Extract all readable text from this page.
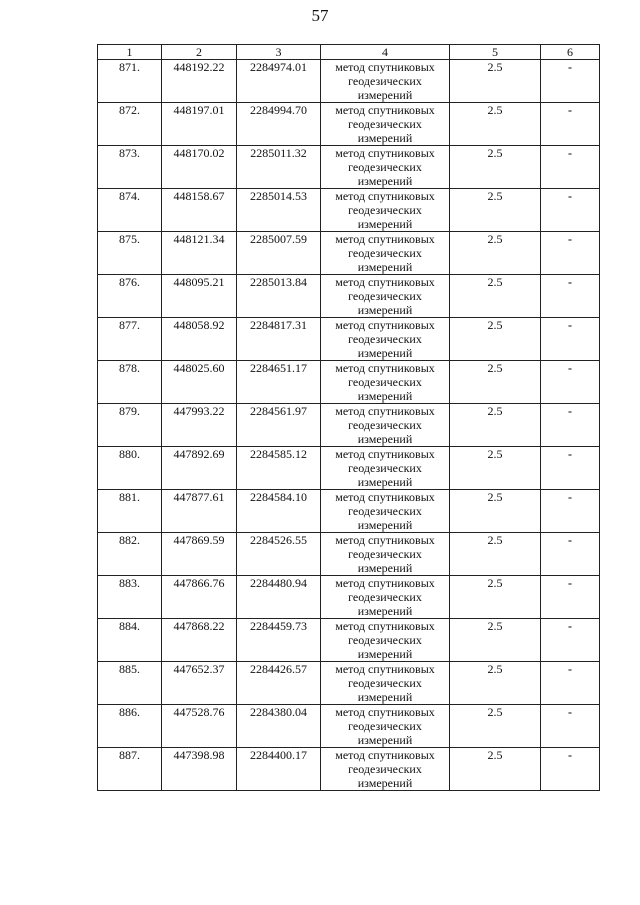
57
1	2	3	4	5	6
871.	448192.22	2284974.01	метод спутниковых
геодезических
измерений	2.5	-
872.	448197.01	2284994.70	метод спутниковых
геодезических
измерений	2.5	-
873.	448170.02	2285011.32	метод спутниковых
геодезических
измерений	2.5	-
874.	448158.67	2285014.53	метод спутниковых
геодезических
измерений	2.5	-
875.	448121.34	2285007.59	метод спутниковых
геодезических
измерений	2.5	-
876.	448095.21	2285013.84	метод спутниковых
геодезических
измерений	2.5	-
877.	448058.92	2284817.31	метод спутниковых
геодезических
измерений	2.5	-
878.	448025.60	2284651.17	метод спутниковых
геодезических
измерений	2.5	-
879.	447993.22	2284561.97	метод спутниковых
геодезических
измерений	2.5	-
880.	447892.69	2284585.12	метод спутниковых
геодезических
измерений	2.5	-
881.	447877.61	2284584.10	метод спутниковых
геодезических
измерений	2.5	-
882.	447869.59	2284526.55	метод спутниковых
геодезических
измерений	2.5	-
883.	447866.76	2284480.94	метод спутниковых
геодезических
измерений	2.5	-
884.	447868.22	2284459.73	метод спутниковых
геодезических
измерений	2.5	-
885.	447652.37	2284426.57	метод спутниковых
геодезических
измерений	2.5	-
886.	447528.76	2284380.04	метод спутниковых
геодезических
измерений	2.5	-
887.	447398.98	2284400.17	метод спутниковых
геодезических
измерений	2.5	-
